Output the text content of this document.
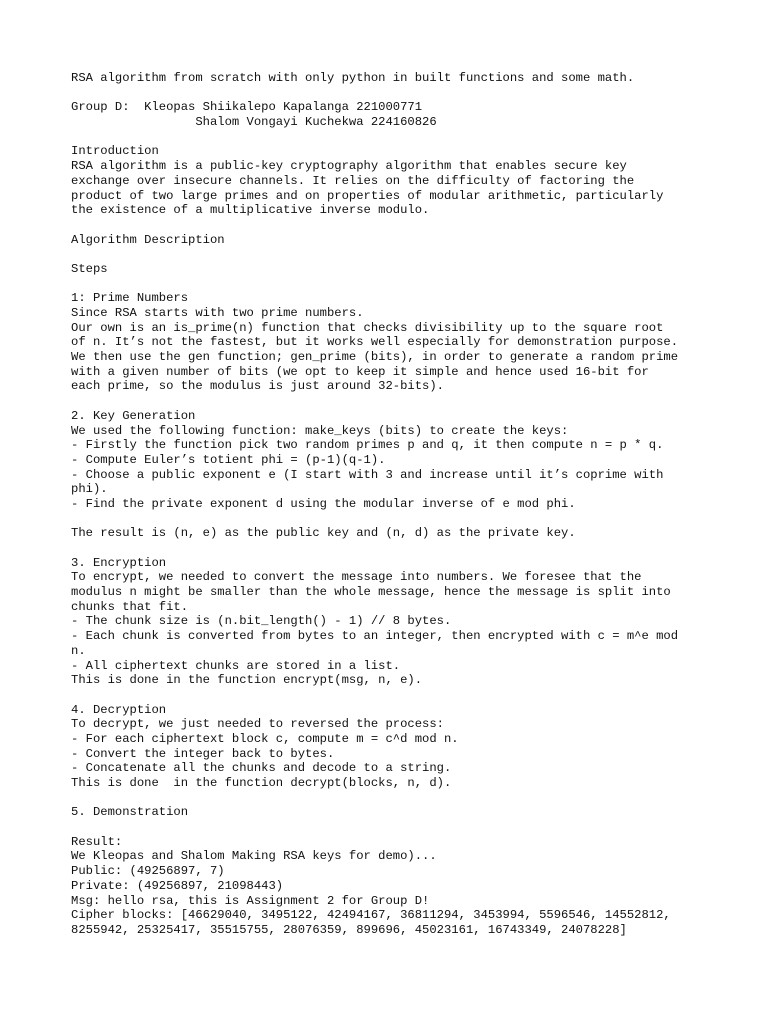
RSA algorithm from scratch with only python in built functions and some math.
Group D:  Kleopas Shiikalepo Kapalanga 221000771
Shalom Vongayi Kuchekwa 224160826
Introduction
RSA algorithm is a public-key cryptography algorithm that enables secure key
exchange over insecure channels. It relies on the difficulty of factoring the
product of two large primes and on properties of modular arithmetic, particularly
the existence of a multiplicative inverse modulo.
Algorithm Description
Steps
1: Prime Numbers
Since RSA starts with two prime numbers.
Our own is an is_prime(n) function that checks divisibility up to the square root
of n. It’s not the fastest, but it works well especially for demonstration purpose.
We then use the gen function; gen_prime (bits), in order to generate a random prime
with a given number of bits (we opt to keep it simple and hence used 16-bit for
each prime, so the modulus is just around 32-bits).
2. Key Generation
We used the following function: make_keys (bits) to create the keys:
- Firstly the function pick two random primes p and q, it then compute n = p * q.
- Compute Euler’s totient phi = (p-1)(q-1).
- Choose a public exponent e (I start with 3 and increase until it’s coprime with
phi).
- Find the private exponent d using the modular inverse of e mod phi.
The result is (n, e) as the public key and (n, d) as the private key.
3. Encryption
To encrypt, we needed to convert the message into numbers. We foresee that the
modulus n might be smaller than the whole message, hence the message is split into
chunks that fit.
- The chunk size is (n.bit_length() - 1) // 8 bytes.
- Each chunk is converted from bytes to an integer, then encrypted with c = m^e mod
n.
- All ciphertext chunks are stored in a list.
This is done in the function encrypt(msg, n, e).
4. Decryption
To decrypt, we just needed to reversed the process:
- For each ciphertext block c, compute m = c^d mod n.
- Convert the integer back to bytes.
- Concatenate all the chunks and decode to a string.
This is done  in the function decrypt(blocks, n, d).
5. Demonstration
Result:
We Kleopas and Shalom Making RSA keys for demo)...
Public: (49256897, 7)
Private: (49256897, 21098443)
Msg: hello rsa, this is Assignment 2 for Group D!
Cipher blocks: [46629040, 3495122, 42494167, 36811294, 3453994, 5596546, 14552812,
8255942, 25325417, 35515755, 28076359, 899696, 45023161, 16743349, 24078228]
